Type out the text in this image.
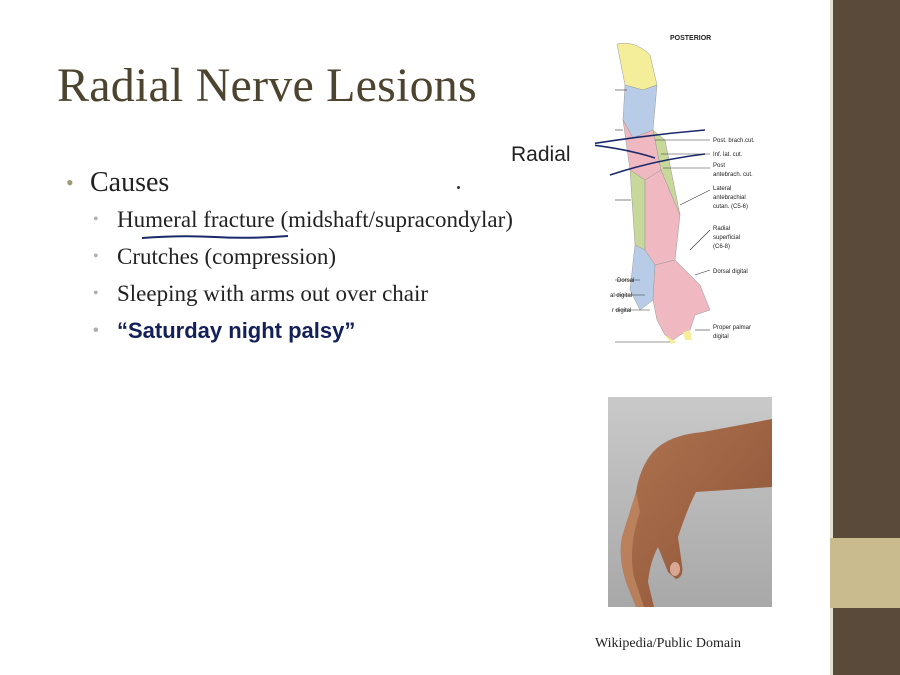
Radial Nerve Lesions
• Causes
• Humeral fracture (midshaft/supracondylar)
• Crutches (compression)
• Sleeping with arms out over chair
• “Saturday night palsy”
Radial
POSTERIOR
Post. brach.cut.
Inf. lat. cut.
Post
antebrach. cut.
Lateral
antebrachial
cutan. (C5-6)
Radial
superficial
(C6-8)
Dorsal digital
Proper palmar
digital
Dorsal
al digital
r digital
Wikipedia/Public Domain
